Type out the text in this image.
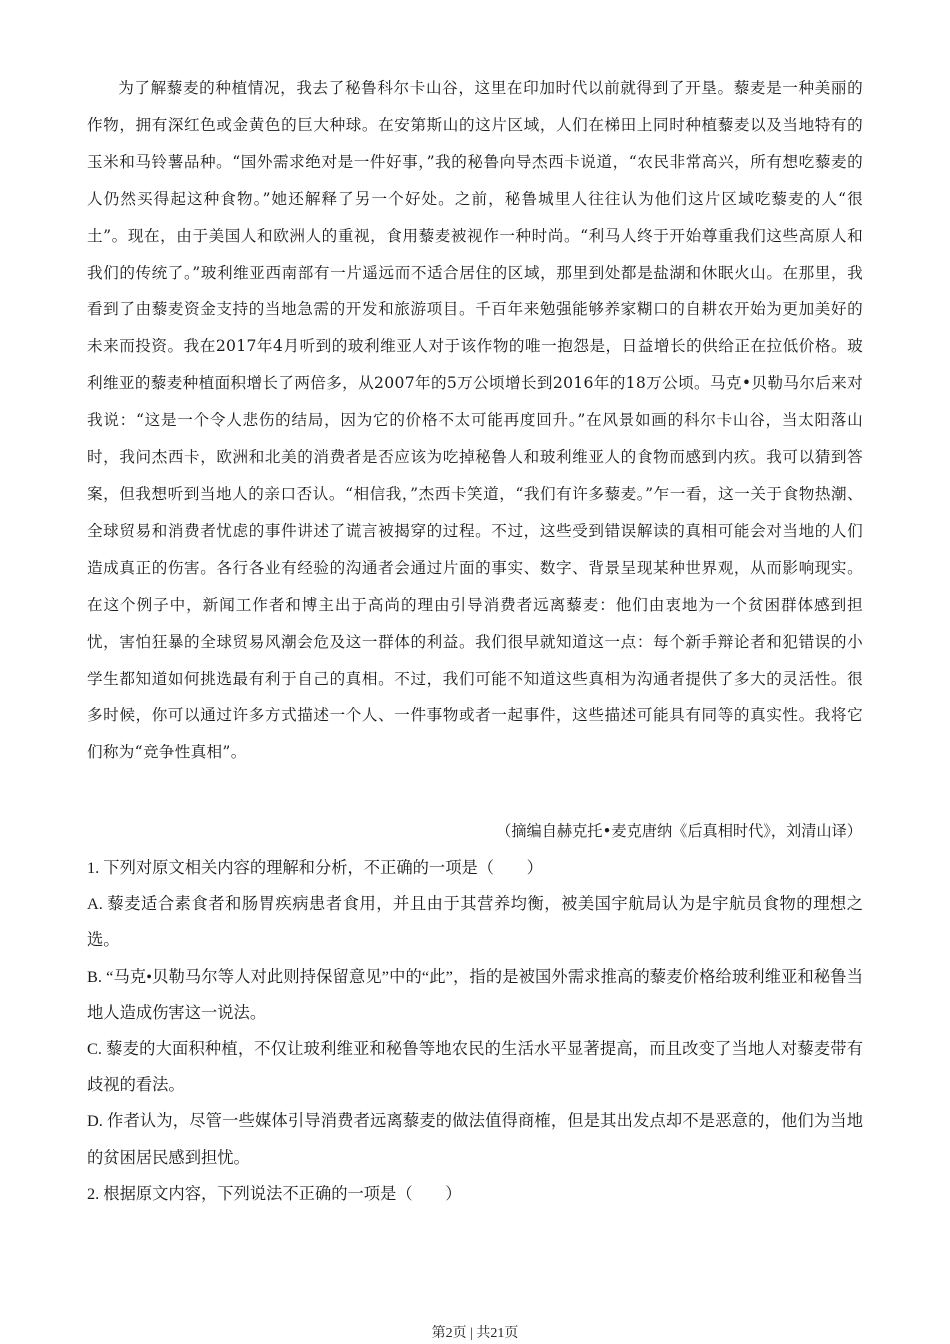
为了解藜麦的种植情况，我去了秘鲁科尔卡山谷，这里在印加时代以前就得到了开垦。藜麦是一种美丽的作物，拥有深红色或金黄色的巨大种球。在安第斯山的这片区域，人们在梯田上同时种植藜麦以及当地特有的玉米和马铃薯品种。“国外需求绝对是一件好事，”我的秘鲁向导杰西卡说道，“农民非常高兴，所有想吃藜麦的人仍然买得起这种食物。”她还解释了另一个好处。之前，秘鲁城里人往往认为他们这片区域吃藜麦的人“很土”。现在，由于美国人和欧洲人的重视，食用藜麦被视作一种时尚。“利马人终于开始尊重我们这些高原人和我们的传统了。”玻利维亚西南部有一片遥远而不适合居住的区域，那里到处都是盐湖和休眠火山。在那里，我看到了由藜麦资金支持的当地急需的开发和旅游项目。千百年来勉强能够养家糊口的自耕农开始为更加美好的未来而投资。我在2017年4月听到的玻利维亚人对于该作物的唯一抱怨是，日益增长的供给正在拉低价格。玻利维亚的藜麦种植面积增长了两倍多，从2007年的5万公顷增长到2016年的18万公顷。马克•贝勒马尔后来对我说：“这是一个令人悲伤的结局，因为它的价格不太可能再度回升。”在风景如画的科尔卡山谷，当太阳落山时，我问杰西卡，欧洲和北美的消费者是否应该为吃掉秘鲁人和玻利维亚人的食物而感到内疚。我可以猜到答案，但我想听到当地人的亲口否认。“相信我，”杰西卡笑道，“我们有许多藜麦。”乍一看，这一关于食物热潮、全球贸易和消费者忧虑的事件讲述了谎言被揭穿的过程。不过，这些受到错误解读的真相可能会对当地的人们造成真正的伤害。各行各业有经验的沟通者会通过片面的事实、数字、背景呈现某种世界观，从而影响现实。在这个例子中，新闻工作者和博主出于高尚的理由引导消费者远离藜麦：他们由衷地为一个贫困群体感到担忧，害怕狂暴的全球贸易风潮会危及这一群体的利益。我们很早就知道这一点：每个新手辩论者和犯错误的小学生都知道如何挑选最有利于自己的真相。不过，我们可能不知道这些真相为沟通者提供了多大的灵活性。很多时候，你可以通过许多方式描述一个人、一件事物或者一起事件，这些描述可能具有同等的真实性。我将它们称为“竞争性真相”。

（摘编自赫克托•麦克唐纳《后真相时代》，刘清山译）

1. 下列对原文相关内容的理解和分析，不正确的一项是（　　）

A. 藜麦适合素食者和肠胃疾病患者食用，并且由于其营养均衡，被美国宇航局认为是宇航员食物的理想之选。

B. “马克•贝勒马尔等人对此则持保留意见”中的“此”，指的是被国外需求推高的藜麦价格给玻利维亚和秘鲁当地人造成伤害这一说法。

C. 藜麦的大面积种植，不仅让玻利维亚和秘鲁等地农民的生活水平显著提高，而且改变了当地人对藜麦带有歧视的看法。

D. 作者认为，尽管一些媒体引导消费者远离藜麦的做法值得商榷，但是其出发点却不是恶意的，他们为当地的贫困居民感到担忧。

2. 根据原文内容，下列说法不正确的一项是（　　）

第2页 | 共21页
